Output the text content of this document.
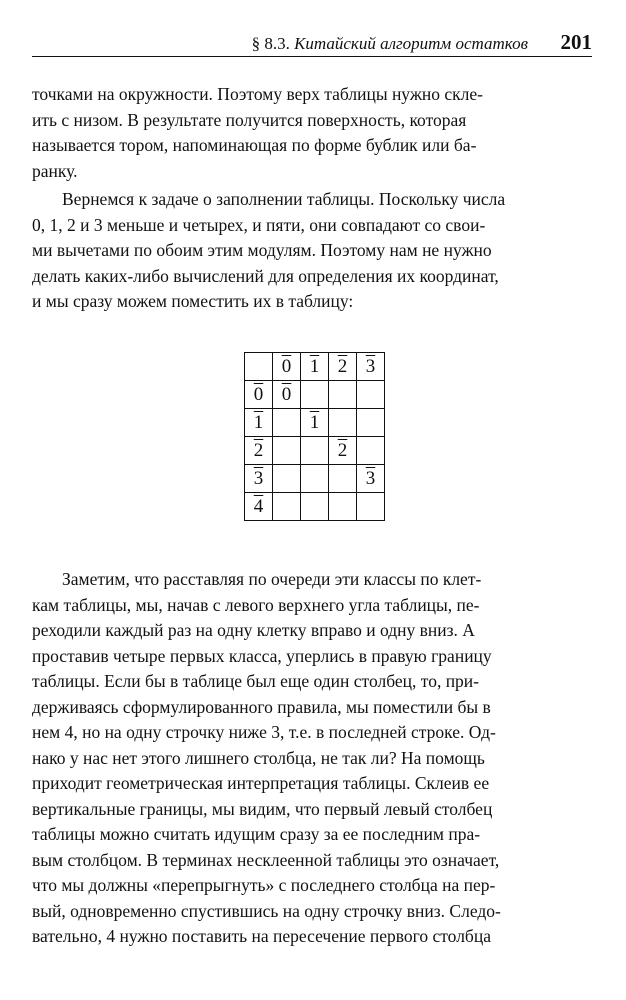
§ 8.3. Китайский алгоритм остатков 201

точками на окружности. Поэтому верх таблицы нужно скле-
ить с низом. В результате получится поверхность, которая
называется тором, напоминающая по форме бублик или ба-
ранку.

Вернемся к задаче о заполнении таблицы. Поскольку числа
0, 1, 2 и 3 меньше и четырех, и пяти, они совпадают со свои-
ми вычетами по обоим этим модулям. Поэтому нам не нужно
делать каких-либо вычислений для определения их координат,
и мы сразу можем поместить их в таблицу:

	0	1	2	3
0	0			
1		1		
2			2	
3				3
4				

Заметим, что расставляя по очереди эти классы по клет-
кам таблицы, мы, начав с левого верхнего угла таблицы, пе-
реходили каждый раз на одну клетку вправо и одну вниз. А
проставив четыре первых класса, уперлись в правую границу
таблицы. Если бы в таблице был еще один столбец, то, при-
держиваясь сформулированного правила, мы поместили бы в
нем 4, но на одну строчку ниже 3, т.е. в последней строке. Од-
нако у нас нет этого лишнего столбца, не так ли? На помощь
приходит геометрическая интерпретация таблицы. Склеив ее
вертикальные границы, мы видим, что первый левый столбец
таблицы можно считать идущим сразу за ее последним пра-
вым столбцом. В терминах несклеенной таблицы это означает,
что мы должны «перепрыгнуть» с последнего столбца на пер-
вый, одновременно спустившись на одну строчку вниз. Следо-
вательно, 4 нужно поставить на пересечение первого столбца
